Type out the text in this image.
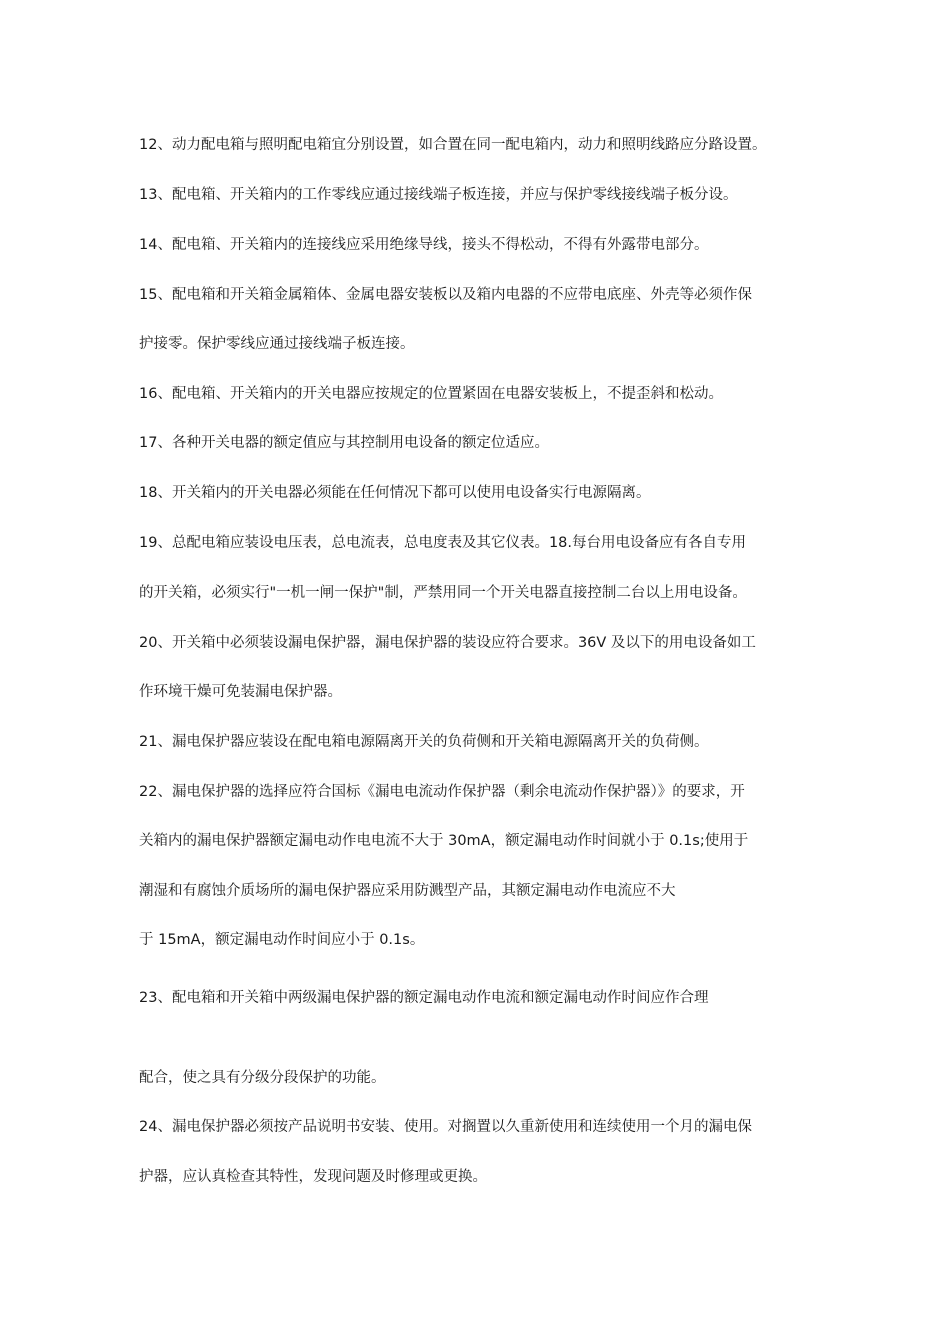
12、动力配电箱与照明配电箱宜分别设置，如合置在同一配电箱内，动力和照明线路应分路设置。

13、配电箱、开关箱内的工作零线应通过接线端子板连接，并应与保护零线接线端子板分设。

14、配电箱、开关箱内的连接线应采用绝缘导线，接头不得松动，不得有外露带电部分。

15、配电箱和开关箱金属箱体、金属电器安装板以及箱内电器的不应带电底座、外壳等必须作保

护接零。保护零线应通过接线端子板连接。

16、配电箱、开关箱内的开关电器应按规定的位置紧固在电器安装板上，不提歪斜和松动。

17、各种开关电器的额定值应与其控制用电设备的额定位适应。

18、开关箱内的开关电器必须能在任何情况下都可以使用电设备实行电源隔离。

19、总配电箱应装设电压表，总电流表，总电度表及其它仪表。18.每台用电设备应有各自专用

的开关箱，必须实行"一机一闸一保护"制，严禁用同一个开关电器直接控制二台以上用电设备。

20、开关箱中必须装设漏电保护器，漏电保护器的装设应符合要求。36V 及以下的用电设备如工

作环境干燥可免装漏电保护器。

21、漏电保护器应装设在配电箱电源隔离开关的负荷侧和开关箱电源隔离开关的负荷侧。

22、漏电保护器的选择应符合国标《漏电电流动作保护器（剩余电流动作保护器）》的要求，开

关箱内的漏电保护器额定漏电动作电电流不大于 30mA，额定漏电动作时间就小于 0.1s;使用于

潮湿和有腐蚀介质场所的漏电保护器应采用防溅型产品，其额定漏电动作电流应不大

于 15mA，额定漏电动作时间应小于 0.1s。

23、配电箱和开关箱中两级漏电保护器的额定漏电动作电流和额定漏电动作时间应作合理

配合，使之具有分级分段保护的功能。

24、漏电保护器必须按产品说明书安装、使用。对搁置以久重新使用和连续使用一个月的漏电保

护器，应认真检查其特性，发现问题及时修理或更换。
